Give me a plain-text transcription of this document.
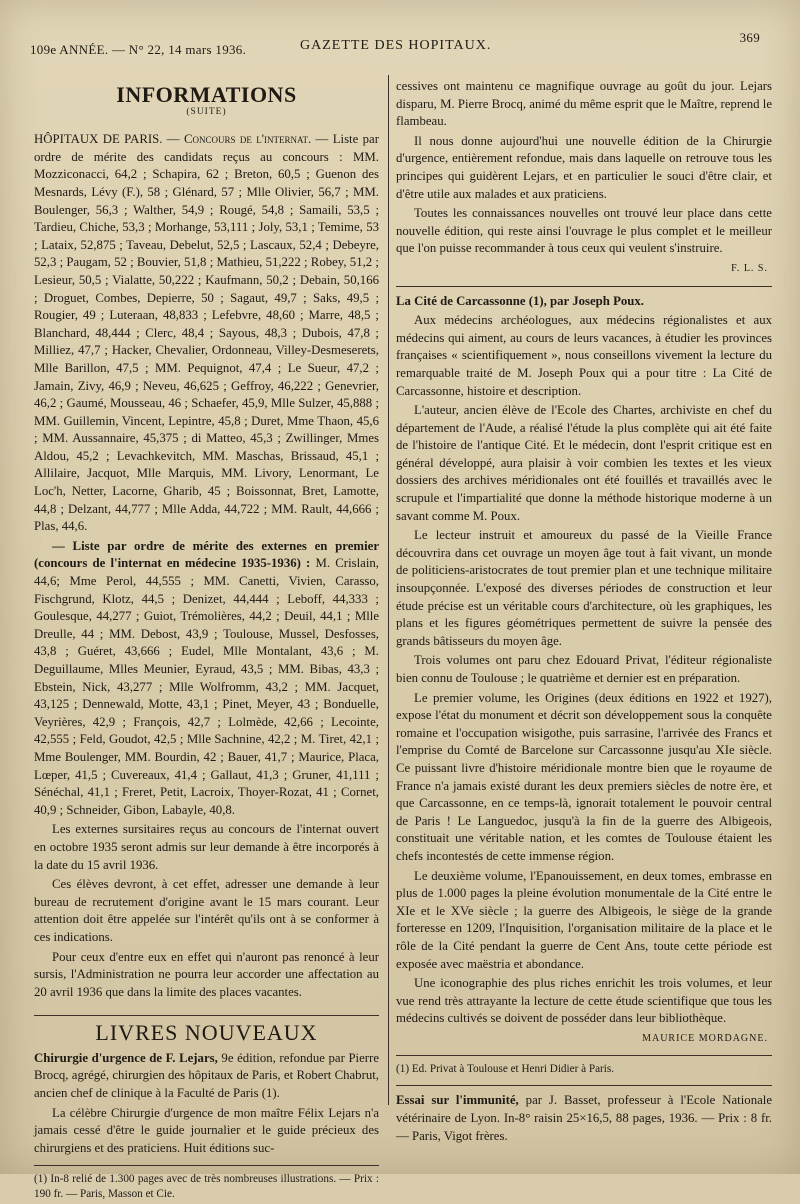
109e ANNÉE. — N° 22, 14 mars 1936.	GAZETTE DES HOPITAUX.
369
INFORMATIONS
(SUITE)

HÔPITAUX DE PARIS. — Concours de l'internat. — Liste par ordre de mérite des candidats reçus au concours : MM. Mozziconacci, 64,2 ; Schapira, 62 ; Breton, 60,5 ; Guenon des Mesnards, Lévy (F.), 58 ; Glénard, 57 ; Mlle Olivier, 56,7 ; MM. Boulenger, 56,3 ; Walther, 54,9 ; Rougé, 54,8 ; Samaili, 53,5 ; Tardieu, Chiche, 53,3 ; Morhange, 53,111 ; Joly, 53,1 ; Temime, 53 ; Lataix, 52,875 ; Taveau, Debelut, 52,5 ; Lascaux, 52,4 ; Debeyre, 52,3 ; Paugam, 52 ; Bouvier, 51,8 ; Mathieu, 51,222 ; Robey, 51,2 ; Lesieur, 50,5 ; Vialatte, 50,222 ; Kaufmann, 50,2 ; Debain, 50,166 ; Droguet, Combes, Depierre, 50 ; Sagaut, 49,7 ; Saks, 49,5 ; Rougier, 49 ; Luteraan, 48,833 ; Lefebvre, 48,60 ; Marre, 48,5 ; Blanchard, 48,444 ; Clerc, 48,4 ; Sayous, 48,3 ; Dubois, 47,8 ; Milliez, 47,7 ; Hacker, Chevalier, Ordonneau, Villey-Desmeserets, Mlle Barillon, 47,5 ; MM. Pequignot, 47,4 ; Le Sueur, 47,2 ; Jamain, Zivy, 46,9 ; Neveu, 46,625 ; Geffroy, 46,222 ; Genevrier, 46,2 ; Gaumé, Mousseau, 46 ; Schaefer, 45,9, Mlle Sulzer, 45,888 ; MM. Guillemin, Vincent, Lepintre, 45,8 ; Duret, Mme Thaon, 45,6 ; MM. Aussannaire, 45,375 ; di Matteo, 45,3 ; Zwillinger, Mmes Aldou, 45,2 ; Levachkevitch, MM. Maschas, Brissaud, 45,1 ; Allilaire, Jacquot, Mlle Marquis, MM. Livory, Lenormant, Le Loc'h, Netter, Lacorne, Gharib, 45 ; Boissonnat, Bret, Lamotte, 44,8 ; Delzant, 44,777 ; Mlle Adda, 44,722 ; MM. Rault, 44,666 ; Plas, 44,6.

— Liste par ordre de mérite des externes en premier (concours de l'internat en médecine 1935-1936) : M. Crislain, 44,6; Mme Perol, 44,555 ; MM. Canetti, Vivien, Carasso, Fischgrund, Klotz, 44,5 ; Denizet, 44,444 ; Leboff, 44,333 ; Goulesque, 44,277 ; Guiot, Trémolières, 44,2 ; Deuil, 44,1 ; Mlle Dreulle, 44 ; MM. Debost, 43,9 ; Toulouse, Mussel, Desfosses, 43,8 ; Guéret, 43,666 ; Eudel, Mlle Montalant, 43,6 ; M. Deguillaume, Mlles Meunier, Eyraud, 43,5 ; MM. Bibas, 43,3 ; Ebstein, Nick, 43,277 ; Mlle Wolfromm, 43,2 ; MM. Jacquet, 43,125 ; Dennewald, Motte, 43,1 ; Pinet, Meyer, 43 ; Bonduelle, Veyrières, 42,9 ; François, 42,7 ; Lolmède, 42,66 ; Lecointe, 42,555 ; Feld, Goudot, 42,5 ; Mlle Sachnine, 42,2 ; M. Tiret, 42,1 ; Mme Boulenger, MM. Bourdin, 42 ; Bauer, 41,7 ; Maurice, Placa, Lœper, 41,5 ; Cuvereaux, 41,4 ; Gallaut, 41,3 ; Gruner, 41,111 ; Sénéchal, 41,1 ; Freret, Petit, Lacroix, Thoyer-Rozat, 41 ; Cornet, 40,9 ; Schneider, Gibon, Labayle, 40,8.

Les externes sursitaires reçus au concours de l'internat ouvert en octobre 1935 seront admis sur leur demande à être incorporés à la date du 15 avril 1936.

Ces élèves devront, à cet effet, adresser une demande à leur bureau de recrutement d'origine avant le 15 mars courant. Leur attention doit être appelée sur l'intérêt qu'ils ont à se conformer à ces indications.

Pour ceux d'entre eux en effet qui n'auront pas renoncé à leur sursis, l'Administration ne pourra leur accorder une affectation au 20 avril 1936 que dans la limite des places vacantes.

LIVRES NOUVEAUX

Chirurgie d'urgence de F. Lejars, 9e édition, refondue par Pierre Brocq, agrégé, chirurgien des hôpitaux de Paris, et Robert Chabrut, ancien chef de clinique à la Faculté de Paris (1).

La célèbre Chirurgie d'urgence de mon maître Félix Lejars n'a jamais cessé d'être le guide journalier et le guide précieux des chirurgiens et des praticiens. Huit éditions suc-

(1) In-8 relié de 1.300 pages avec de très nombreuses illustrations. — Prix : 190 fr. — Paris, Masson et Cie.

cessives ont maintenu ce magnifique ouvrage au goût du jour. Lejars disparu, M. Pierre Brocq, animé du même esprit que le Maître, reprend le flambeau.

Il nous donne aujourd'hui une nouvelle édition de la Chirurgie d'urgence, entièrement refondue, mais dans laquelle on retrouve tous les principes qui guidèrent Lejars, et en particulier le souci d'être clair, et d'être utile aux malades et aux praticiens.

Toutes les connaissances nouvelles ont trouvé leur place dans cette nouvelle édition, qui reste ainsi l'ouvrage le plus complet et le meilleur que l'on puisse recommander à tous ceux qui veulent s'instruire.

F. L. S.

La Cité de Carcassonne (1), par Joseph Poux.

Aux médecins archéologues, aux médecins régionalistes et aux médecins qui aiment, au cours de leurs vacances, à étudier les provinces françaises « scientifiquement », nous conseillons vivement la lecture du remarquable traité de M. Joseph Poux qui a pour titre : La Cité de Carcassonne, histoire et description.

L'auteur, ancien élève de l'Ecole des Chartes, archiviste en chef du département de l'Aude, a réalisé l'étude la plus complète qui ait été faite de l'histoire de l'antique Cité. Et le médecin, dont l'esprit critique est en général développé, aura plaisir à voir combien les textes et les vieux dossiers des archives méridionales ont été fouillés et travaillés avec le scrupule et l'impartialité que donne la méthode historique moderne à un savant comme M. Poux.

Le lecteur instruit et amoureux du passé de la Vieille France découvrira dans cet ouvrage un moyen âge tout à fait vivant, un monde de politiciens-aristocrates de tout premier plan et une technique militaire insoupçonnée. L'exposé des diverses périodes de construction et leur étude précise est un véritable cours d'architecture, où les graphiques, les plans et les figures géométriques permettent de suivre la pensée des grands bâtisseurs du moyen âge.

Trois volumes ont paru chez Edouard Privat, l'éditeur régionaliste bien connu de Toulouse ; le quatrième et dernier est en préparation.

Le premier volume, les Origines (deux éditions en 1922 et 1927), expose l'état du monument et décrit son développement sous la conquête romaine et l'occupation wisigothe, puis sarrasine, l'arrivée des Francs et l'emprise du Comté de Barcelone sur Carcassonne jusqu'au XIe siècle. Ce puissant livre d'histoire méridionale montre bien que le royaume de France n'a jamais existé durant les deux premiers siècles de notre ère, et que Carcassonne, en ce temps-là, ignorait totalement le pouvoir central de Paris ! Le Languedoc, jusqu'à la fin de la guerre des Albigeois, constituait une véritable nation, et les comtes de Toulouse étaient les chefs incontestés de cette immense région.

Le deuxième volume, l'Epanouissement, en deux tomes, embrasse en plus de 1.000 pages la pleine évolution monumentale de la Cité entre le XIe et le XVe siècle ; la guerre des Albigeois, le siège de la grande forteresse en 1209, l'Inquisition, l'organisation militaire de la place et le rôle de la Cité pendant la guerre de Cent Ans, toute cette période est exposée avec maëstria et abondance.

Une iconographie des plus riches enrichit les trois volumes, et leur vue rend très attrayante la lecture de cette étude scientifique que tous les médecins cultivés se doivent de posséder dans leur bibliothèque.

MAURICE MORDAGNE.

(1) Ed. Privat à Toulouse et Henri Didier à Paris.

Essai sur l'immunité, par J. Basset, professeur à l'Ecole Nationale vétérinaire de Lyon. In-8° raisin 25×16,5, 88 pages, 1936. — Prix : 8 fr. — Paris, Vigot frères.
